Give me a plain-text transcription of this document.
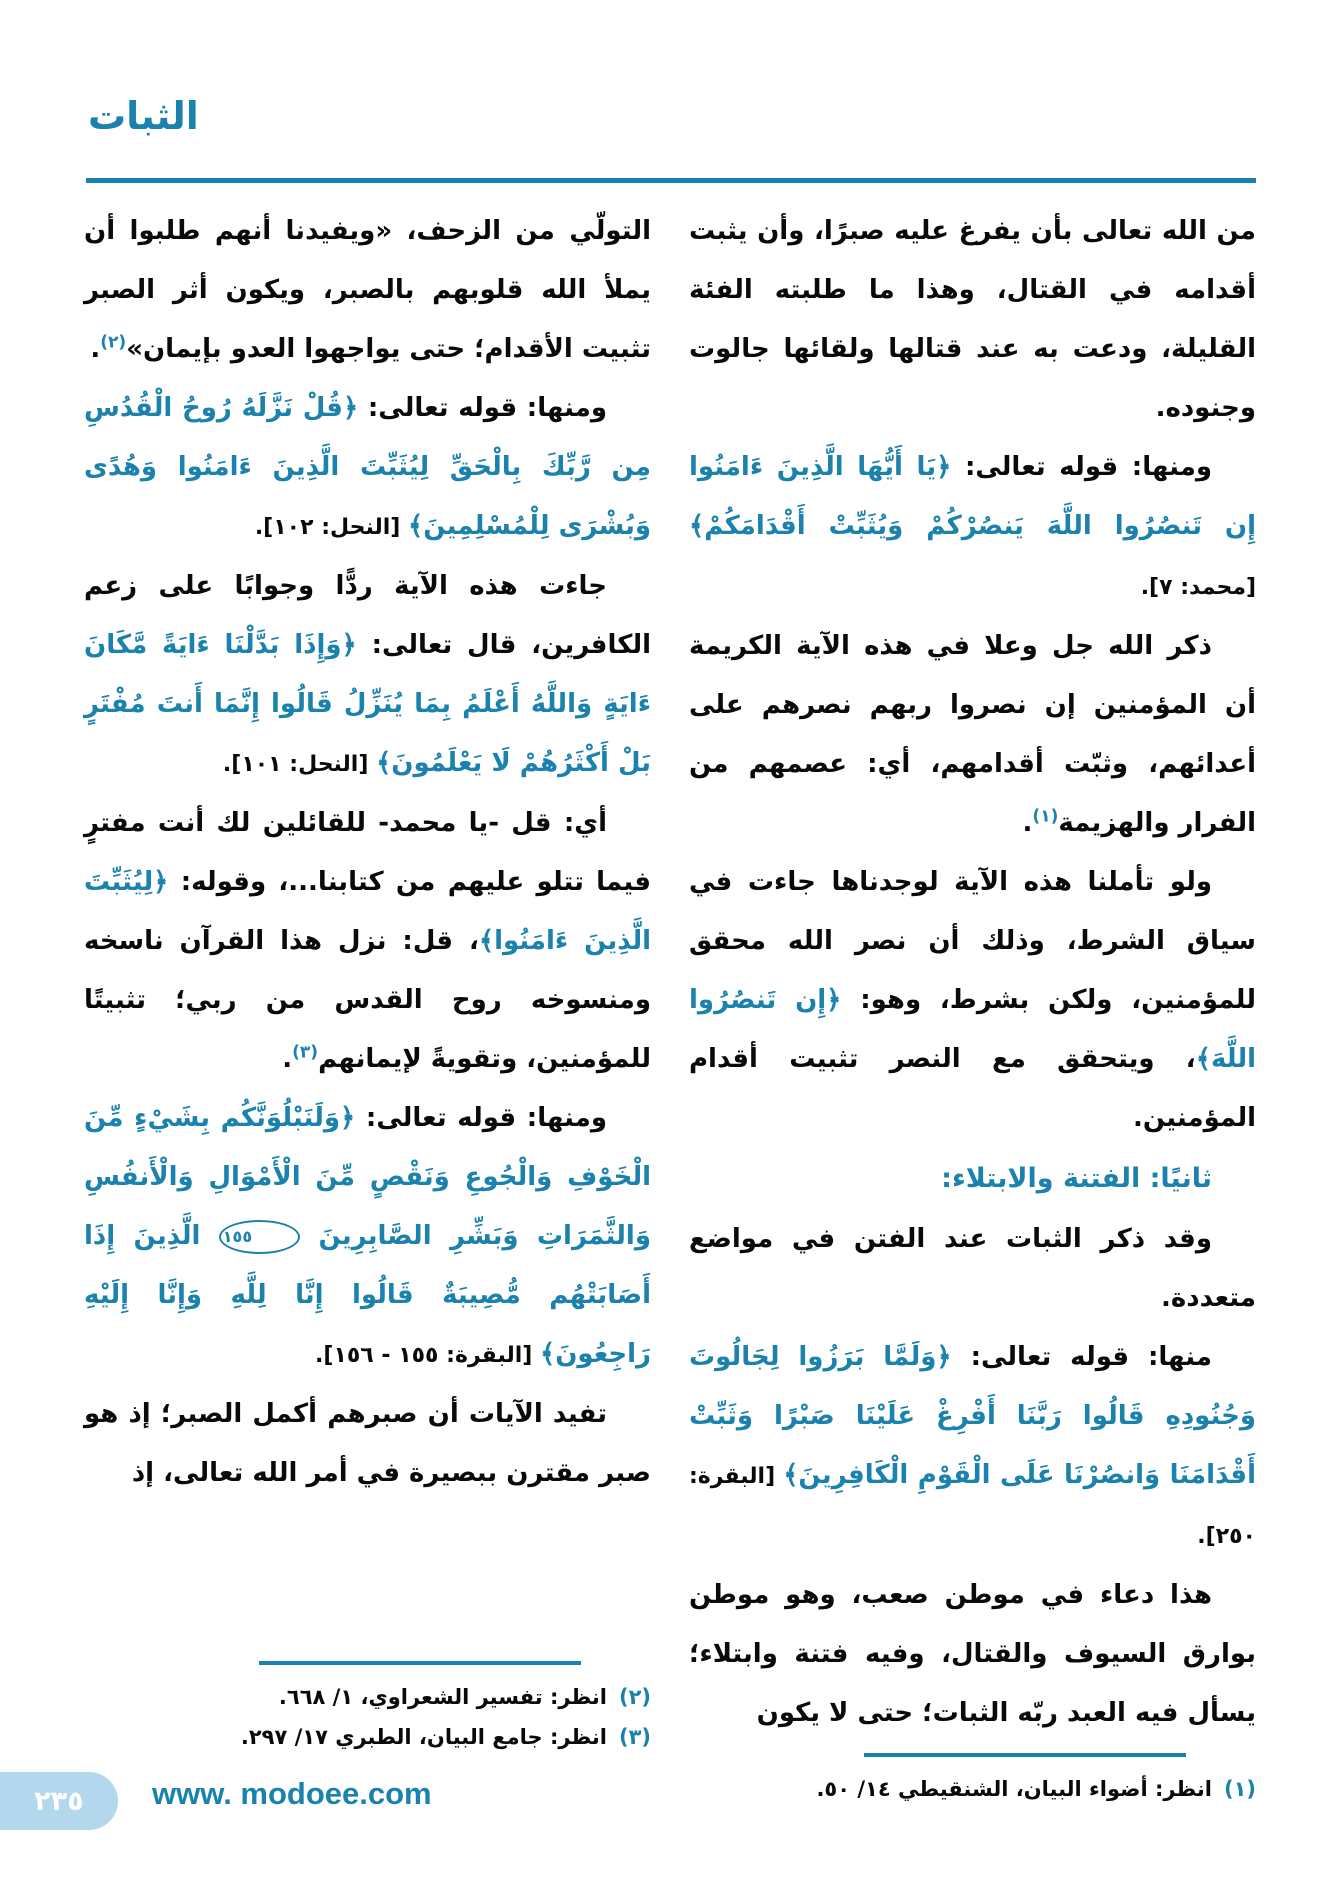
الثبات

من الله تعالى بأن يفرغ عليه صبرًا، وأن يثبت أقدامه في القتال، وهذا ما طلبته الفئة القليلة، ودعت به عند قتالها ولقائها جالوت وجنوده.

ومنها: قوله تعالى: ﴿يَا أَيُّهَا الَّذِينَ ءَامَنُوا إِن تَنصُرُوا اللَّهَ يَنصُرْكُمْ وَيُثَبِّتْ أَقْدَامَكُمْ﴾ [محمد: ٧].

ذكر الله جل وعلا في هذه الآية الكريمة أن المؤمنين إن نصروا ربهم نصرهم على أعدائهم، وثبّت أقدامهم، أي: عصمهم من الفرار والهزيمة$^{(١)}$.

ولو تأملنا هذه الآية لوجدناها جاءت في سياق الشرط، وذلك أن نصر الله محقق للمؤمنين، ولكن بشرط، وهو: ﴿إِن تَنصُرُوا اللَّهَ﴾، ويتحقق مع النصر تثبيت أقدام المؤمنين.

ثانيًا: الفتنة والابتلاء:

وقد ذكر الثبات عند الفتن في مواضع متعددة.

منها: قوله تعالى: ﴿وَلَمَّا بَرَزُوا لِجَالُوتَ وَجُنُودِهِ قَالُوا رَبَّنَا أَفْرِغْ عَلَيْنَا صَبْرًا وَثَبِّتْ أَقْدَامَنَا وَانصُرْنَا عَلَى الْقَوْمِ الْكَافِرِينَ﴾ [البقرة: ٢٥٠].

هذا دعاء في موطن صعب، وهو موطن بوارق السيوف والقتال، وفيه فتنة وابتلاء؛ يسأل فيه العبد ربّه الثبات؛ حتى لا يكون

(١)
انظر: أضواء البيان، الشنقيطي ١٤/ ٥٠.

التولّي من الزحف، «ويفيدنا أنهم طلبوا أن يملأ الله قلوبهم بالصبر، ويكون أثر الصبر تثبيت الأقدام؛ حتى يواجهوا العدو بإيمان»$^{(٢)}$.

ومنها: قوله تعالى: ﴿قُلْ نَزَّلَهُ رُوحُ الْقُدُسِ مِن رَّبِّكَ بِالْحَقِّ لِيُثَبِّتَ الَّذِينَ ءَامَنُوا وَهُدًى وَبُشْرَى لِلْمُسْلِمِينَ﴾ [النحل: ١٠٢].

جاءت هذه الآية ردًّا وجوابًا على زعم الكافرين، قال تعالى: ﴿وَإِذَا بَدَّلْنَا ءَايَةً مَّكَانَ ءَايَةٍ وَاللَّهُ أَعْلَمُ بِمَا يُنَزِّلُ قَالُوا إِنَّمَا أَنتَ مُفْتَرٍ بَلْ أَكْثَرُهُمْ لَا يَعْلَمُونَ﴾ [النحل: ١٠١].

أي: قل -يا محمد- للقائلين لك أنت مفترٍ فيما تتلو عليهم من كتابنا...، وقوله: ﴿لِيُثَبِّتَ الَّذِينَ ءَامَنُوا﴾، قل: نزل هذا القرآن ناسخه ومنسوخه روح القدس من ربي؛ تثبيتًا للمؤمنين، وتقويةً لإيمانهم$^{(٣)}$.

ومنها: قوله تعالى: ﴿وَلَنَبْلُوَنَّكُم بِشَيْءٍ مِّنَ الْخَوْفِ وَالْجُوعِ وَنَقْصٍ مِّنَ الْأَمْوَالِ وَالْأَنفُسِ وَالثَّمَرَاتِ وَبَشِّرِ الصَّابِرِينَ ١٥٥ الَّذِينَ إِذَا أَصَابَتْهُم مُّصِيبَةٌ قَالُوا إِنَّا لِلَّهِ وَإِنَّا إِلَيْهِ رَاجِعُونَ﴾ [البقرة: ١٥٥ - ١٥٦].

تفيد الآيات أن صبرهم أكمل الصبر؛ إذ هو صبر مقترن ببصيرة في أمر الله تعالى، إذ

(٢)
انظر: تفسير الشعراوي، ١/ ٦٦٨.
(٣)
انظر: جامع البيان، الطبري ١٧/ ٢٩٧.
٢٣٥ www. modoee.com
